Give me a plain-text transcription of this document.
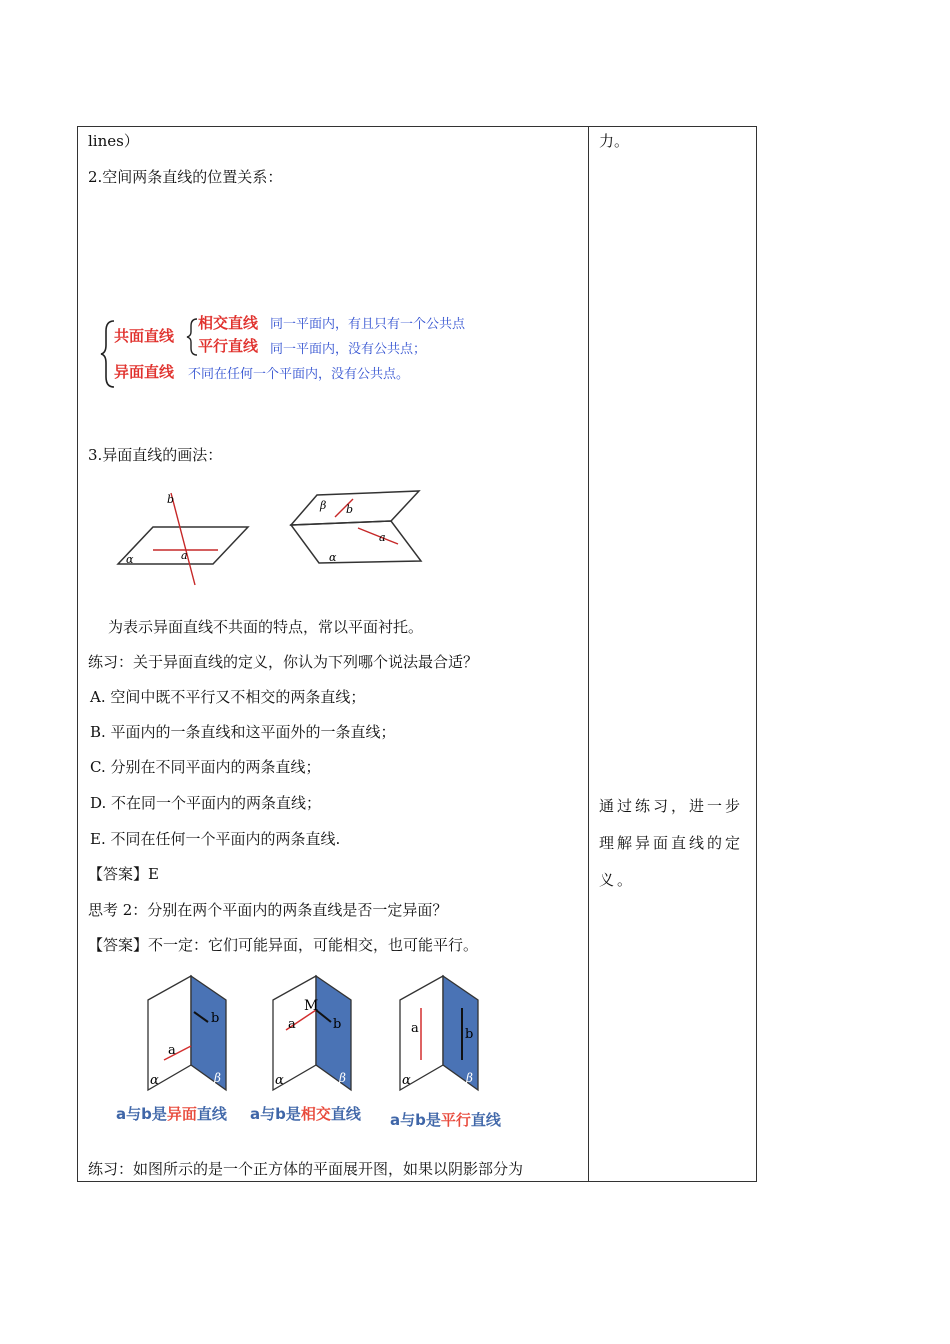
lines）
2.空间两条直线的位置关系：
共面直线
相交直线 同一平面内，有且只有一个公共点
平行直线 同一平面内，没有公共点；
异面直线 不同在任何一个平面内，没有公共点。
3.异面直线的画法：
b
a
α
β b
a
α
为表示异面直线不共面的特点，常以平面衬托。
练习：关于异面直线的定义，你认为下列哪个说法最合适？
A. 空间中既不平行又不相交的两条直线；
B. 平面内的一条直线和这平面外的一条直线；
C. 分别在不同平面内的两条直线；
D. 不在同一个平面内的两条直线；
E. 不同在任何一个平面内的两条直线.
【答案】E
思考 2：分别在两个平面内的两条直线是否一定异面？
【答案】不一定：它们可能异面，可能相交，也可能平行。
a
b
α	β
M
a	b
α	β
a	b
α	β
a与b是异面直线 a与b是相交直线 a与b是平行直线
练习：如图所示的是一个正方体的平面展开图，如果以阴影部分为
力。
通过练习，进一步理解异面直线的定义。
